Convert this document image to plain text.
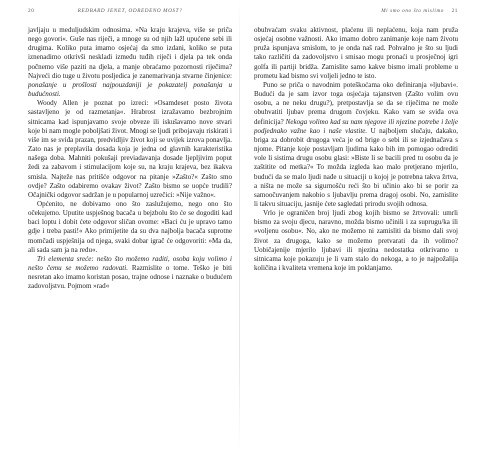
20	REDBARD JENET, ODREDENO MOST?

javljaju u meduljudskim odnosima. »Na kraju krajeva, više se priča nego govori«. Guše nas riječi, a mnoge su od njih lažl upućene sebi ili drugima. Koliko puta imamo osjećaj da smo izdani, koliko se puta iznenadimo otkrivši neskladi između tuđih riječi i djela pa tek onda počnemo više paziti na djela, a manje obraćamo pozornosti riječima? Najveći dio tuge u životu posljedica je zanemarivanja stvarne činjenice: ponašanje u prošlosti najpouzdaniji je pokazatelj ponašanja u budućnosti.

Woody Allen je poznat po izreci: »Osamdeset posto života sastavljeno je od razmetanja«. Hrabrost izražavamo bezbrojnim sitnicama kad ispunjavamo svoje obveze ili iskušavamo nove stvari koje bi nam mogle poboljšati život. Mnogi se ljudi pribojavaju riskirati i više im se sviđa prazan, predvidljiv život koji se uvijek izrova ponavlja. Zato nas je preplavila dosada koja je jedna od glavnih karakteristika našega doba. Mahniti pokušaji previadavanja dosade ljepljivim poput žedi za zabavom i stimulacijom koje su, na kraju krajeva, bez ikakva smisla. Najteže nas pritišće odgovor na pitanje »Zašto?« Zašto smo ovdje? Zašto odabiremo ovakav život? Zašto bismo se uopće trudili? Očajnički odgovor sadržan je u popularnoj uzrečici: »Nije važno«.

Općenito, ne dobivamo ono što zaslužujemo, nego ono što očekujemo. Uputite uspješnog bacača u bejzbolu što će se dogoditi kad baci loptu i dobit ćete odgovor sličan ovome: »Baci ću je upravo tamo gdje i treba pasti!« Ako primijetite da su dva najbolja bacača suprotne momčadi uspješnija od njega, svaki dobar igrač će odgovoriti: »Ma da, ali sada sam ja na redu«.

Tri elementa sreće: nešto što možemo raditi, osoba koju volimo i nešto čemu se možemo radovati. Razmislite o tome. Teško je biti nesretan ako imamo koristan posao, trajne odnose i naznake o budućem zadovoljstvu. Pojmom »rad«

Mi smo ono što mislimo 21

obuhvaćam svaku aktivnost, plaćenu ili neplaćenu, koja nam pruža osjećaj osobne važnosti. Ako imamo dobro zanimanje koje nam životu pruža ispunjava smislom, to je onda naš rad. Pohvalno je što su ljudi tako različiti da zadovoljstvo i smisao mogu pronaći u prosječnoj igri golfa ili partiji bridža. Zamislite samo kakve bismo imali probleme u prometu kad bismo svi voljeli jedno te isto.

Puno se priča o navodnim poteškoćama oko definiranja »ljubavi«. Budući da je sam izvor toga osjećaja tajanstven (Zašto volim ovu osobu, a ne neku drugu?), pretpostavlja se da se riječima ne može obuhvatiti ljubav prema drugom čovjeku. Kako vam se sviđa ova definicija? Nekoga volimo kad su nam njegove ili njezine potrebe i želje podjednako važne kao i naše vlastite. U najboljem slučaju, dakako, briga za dobrobit drugoga veća je od brige o sebi ili se izjednačava s njome. Pitanje koje postavljam ljudima kako bih im pomogao odrediti vole li sistima drugu osobu glasi: »Biste li se bacili pred tu osobu da je zaštitite od metka?« To možda izgleda kao malo pretjerano mjerilo, budući da se malo ljudi nađe u situaciji u kojoj je potrebna takva žrtva, a ništa ne može sa sigurnošću reći što bi učinio ako bi se porir za samoočuvanjem nakobio s ljubavlju prema dragoj osobi. No, zamislite li takvu situaciju, jasnije ćete sagledati prirodu svojih odnosa.

Vrlo je ograničen broj ljudi zbog kojih bismo se žrtvovali: umrli bismo za svoju djecu, naravno, možda bismo učinili i za suprugu/ka ili »voljenu osobu«. No, ako ne možemo ni zamisliti da bismo dali svoj život za drugoga, kako se možemo pretvarati da ih volimo? Uobičajenije mjerilo ljubavi ili njezina nedostatka otkrivamo u sitnicama koje pokazuju je li vam stalo do nekoga, a to je najpožalija količina i kvaliteta vremena koje im poklanjamo.
